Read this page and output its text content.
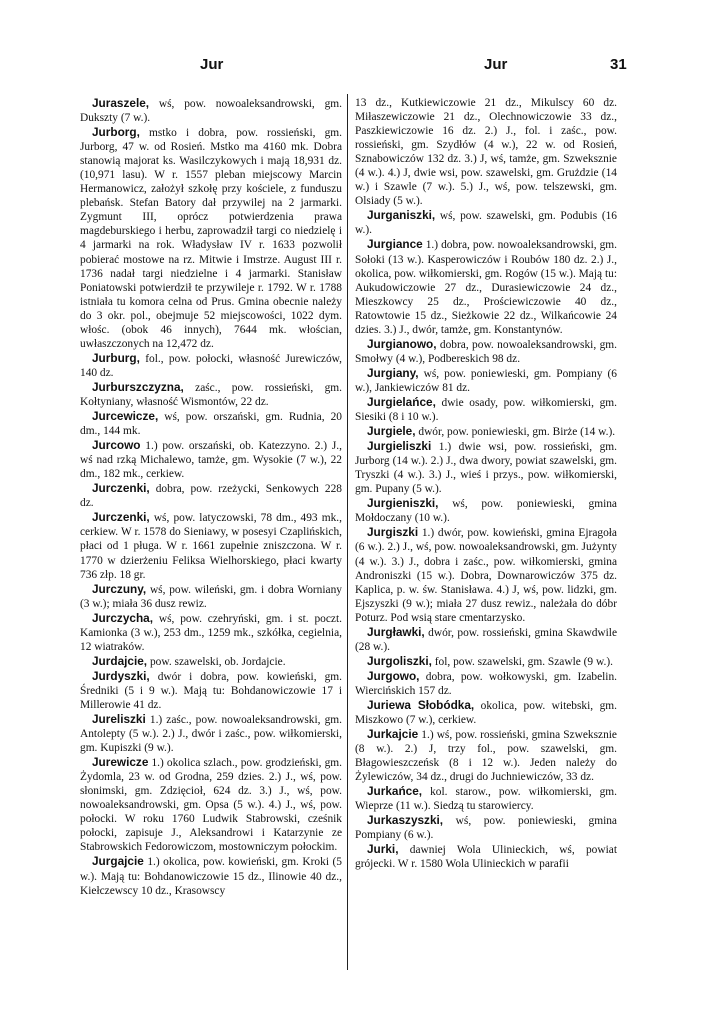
Jur	Jur	31

Juraszele, wś, pow. nowoaleksandrowski, gm. Dukszty (7 w.).

Jurborg, mstko i dobra, pow. rossieński, gm. Jurborg, 47 w. od Rosień. Mstko ma 4160 mk. Dobra stanowią majorat ks. Wasilczykowych i mają 18,931 dz. (10,971 lasu). W r. 1557 pleban miejscowy Marcin Hermanowicz, założył szkołę przy kościele, z funduszu plebańsk. Stefan Batory dał przywilej na 2 jarmarki. Zygmunt III, oprócz potwierdzenia prawa magdeburskiego i herbu, zaprowadził targi co niedzielę i 4 jarmarki na rok. Władysław IV r. 1633 pozwolił pobierać mostowe na rz. Mitwie i Imstrze. August III r. 1736 nadał targi niedzielne i 4 jarmarki. Stanisław Poniatowski potwierdził te przywileje r. 1792. W r. 1788 istniała tu komora celna od Prus. Gmina obecnie należy do 3 okr. pol., obejmuje 52 miejscowości, 1022 dym. włośc. (obok 46 innych), 7644 mk. włościan, uwłaszczonych na 12,472 dz.

Jurburg, fol., pow. połocki, własność Jurewiczów, 140 dz.

Jurburszczyzna, zaśc., pow. rossieński, gm. Kołtyniany, własność Wismontów, 22 dz.

Jurcewicze, wś, pow. orszański, gm. Rudnia, 20 dm., 144 mk.

Jurcowo 1.) pow. orszański, ob. Katezzyno. 2.) J., wś nad rzką Michalewo, tamże, gm. Wysokie (7 w.), 22 dm., 182 mk., cerkiew.

Jurczenki, dobra, pow. rzeżycki, Senkowych 228 dz.

Jurczenki, wś, pow. latyczowski, 78 dm., 493 mk., cerkiew. W r. 1578 do Sieniawy, w posesyi Czaplińskich, płaci od 1 pługa. W r. 1661 zupełnie zniszczona. W r. 1770 w dzierżeniu Feliksa Wielhorskiego, płaci kwarty 736 złp. 18 gr.

Jurczuny, wś, pow. wileński, gm. i dobra Worniany (3 w.); miała 36 dusz rewiz.

Jurczycha, wś, pow. czehryński, gm. i st. poczt. Kamionka (3 w.), 253 dm., 1259 mk., szkółka, cegielnia, 12 wiatraków.

Jurdajcie, pow. szawelski, ob. Jordajcie.

Jurdyszki, dwór i dobra, pow. kowieński, gm. Średniki (5 i 9 w.). Mają tu: Bohdanowiczowie 17 i Millerowie 41 dz.

Jureliszki 1.) zaśc., pow. nowoaleksandrowski, gm. Antolepty (5 w.). 2.) J., dwór i zaśc., pow. wiłkomierski, gm. Kupiszki (9 w.).

Jurewicze 1.) okolica szlach., pow. grodzieński, gm. Żydomla, 23 w. od Grodna, 259 dzies. 2.) J., wś, pow. słonimski, gm. Zdzięcioł, 624 dz. 3.) J., wś, pow. nowoaleksandrowski, gm. Opsa (5 w.). 4.) J., wś, pow. połocki. W roku 1760 Ludwik Stabrowski, cześnik połocki, zapisuje J., Aleksandrowi i Katarzynie ze Stabrowskich Fedorowiczom, mostowniczym połockim.

Jurgajcie 1.) okolica, pow. kowieński, gm. Kroki (5 w.). Mają tu: Bohdanowiczowie 15 dz., Ilinowie 40 dz., Kiełczewscy 10 dz., Krasowscy

13 dz., Kutkiewiczowie 21 dz., Mikulscy 60 dz. Miłaszewiczowie 21 dz., Olechnowiczowie 33 dz., Paszkiewiczowie 16 dz. 2.) J., fol. i zaśc., pow. rossieński, gm. Szydłów (4 w.), 22 w. od Rosień, Sznabowiczów 132 dz. 3.) J, wś, tamże, gm. Szweksznie (4 w.). 4.) J, dwie wsi, pow. szawelski, gm. Grużdzie (14 w.) i Szawle (7 w.). 5.) J., wś, pow. telszewski, gm. Olsiady (5 w.).

Jurganiszki, wś, pow. szawelski, gm. Podubis (16 w.).

Jurgiance 1.) dobra, pow. nowoaleksandrowski, gm. Sołoki (13 w.). Kasperowiczów i Roubów 180 dz. 2.) J., okolica, pow. wiłkomierski, gm. Rogów (15 w.). Mają tu: Aukudowiczowie 27 dz., Durasiewiczowie 24 dz., Mieszkowcy 25 dz., Prościewiczowie 40 dz., Ratowtowie 15 dz., Sieżkowie 22 dz., Wilkańcowie 24 dzies. 3.) J., dwór, tamże, gm. Konstantynów.

Jurgianowo, dobra, pow. nowoaleksandrowski, gm. Smołwy (4 w.), Podbereskich 98 dz.

Jurgiany, wś, pow. poniewieski, gm. Pompiany (6 w.), Jankiewiczów 81 dz.

Jurgielańce, dwie osady, pow. wiłkomierski, gm. Siesiki (8 i 10 w.).

Jurgiele, dwór, pow. poniewieski, gm. Birże (14 w.).

Jurgieliszki 1.) dwie wsi, pow. rossieński, gm. Jurborg (14 w.). 2.) J., dwa dwory, powiat szawelski, gm. Tryszki (4 w.). 3.) J., wieś i przys., pow. wiłkomierski, gm. Pupany (5 w.).

Jurgieniszki, wś, pow. poniewieski, gmina Mołdoczany (10 w.).

Jurgiszki 1.) dwór, pow. kowieński, gmina Ejragoła (6 w.). 2.) J., wś, pow. nowoaleksandrowski, gm. Jużynty (4 w.). 3.) J., dobra i zaśc., pow. wiłkomierski, gmina Androniszki (15 w.). Dobra, Downarowiczów 375 dz. Kaplica, p. w. św. Stanisława. 4.) J, wś, pow. lidzki, gm. Ejszyszki (9 w.); miała 27 dusz rewiz., należała do dóbr Poturz. Pod wsią stare cmentarzysko.

Jurgławki, dwór, pow. rossieński, gmina Skawdwile (28 w.).

Jurgoliszki, fol, pow. szawelski, gm. Szawle (9 w.).

Jurgowo, dobra, pow. wołkowyski, gm. Izabelin. Wiercińskich 157 dz.

Juriewa Słobódka, okolica, pow. witebski, gm. Miszkowo (7 w.), cerkiew.

Jurkajcie 1.) wś, pow. rossieński, gmina Szweksznie (8 w.). 2.) J, trzy fol., pow. szawelski, gm. Błagowieszczeńsk (8 i 12 w.). Jeden należy do Żylewiczów, 34 dz., drugi do Juchniewiczów, 33 dz.

Jurkańce, kol. starow., pow. wiłkomierski, gm. Wieprze (11 w.). Siedzą tu starowiercy.

Jurkaszyszki, wś, pow. poniewieski, gmina Pompiany (6 w.).

Jurki, dawniej Wola Ulinieckich, wś, powiat grójecki. W r. 1580 Wola Ulinieckich w parafii
